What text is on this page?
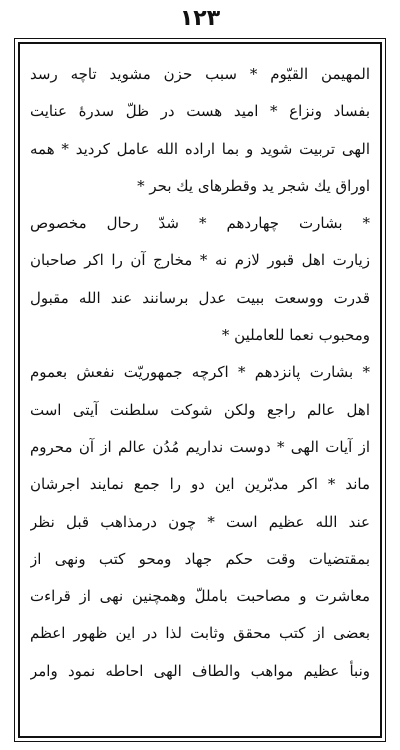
۱۲۳
المهيمن القيّوم * سبب حزن مشويد تاچه رسد
بفساد ونزاع * اميد هست در ظلّ سدرهٔ عنايت
الهی تربيت شويد و بما اراده الله عامل كرديد * همه
اوراق يك شجر يد وقطرهای يك بحر *
* بشارت چهاردهم * شدّ رحال مخصوص
زيارت اهل قبور لازم نه * مخارج آن را اكر صاحبان
قدرت ووسعت ببيت عدل برسانند عند الله مقبول
ومحبوب نعما للعاملين *
* بشارت پانزدهم * اكرچه جمهوريّت نفعش بعموم
اهل عالم راجع ولكن شوكت سلطنت آيتى است
از آيات الهی * دوست نداريم مُدُن عالم از آن محروم
ماند * اكر مدبّرين اين دو را جمع نمايند اجرشان
عند الله عظيم است * چون درمذاهب قبل نظر
بمقتضيات وقت حكم جهاد ومحو كتب ونهى از
معاشرت و مصاحبت بامللّ وهمچنين نهى از قراءت
بعضى از كتب محقق وثابت لذا در اين ظهور اعظم
ونبأ عظيم مواهب والطاف الهی احاطه نمود وامر
